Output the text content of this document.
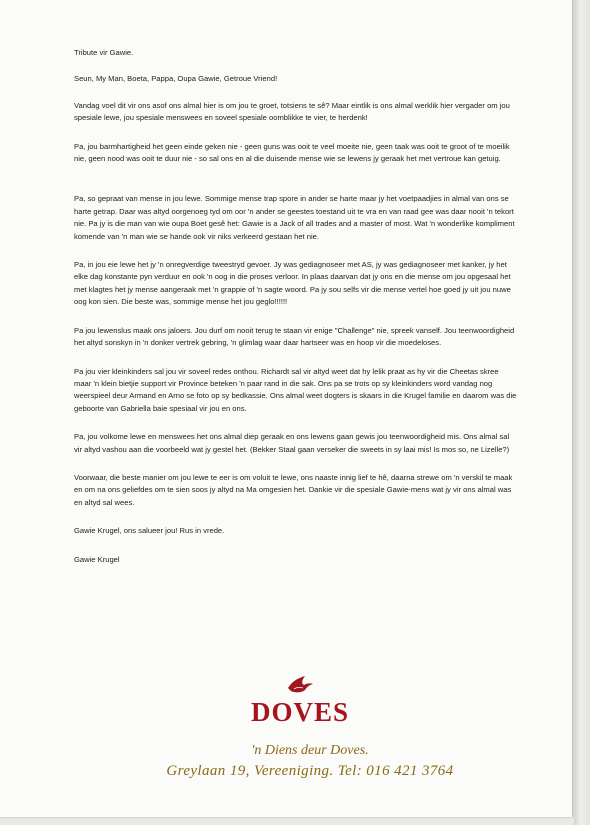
Tribute vir Gawie.

Seun, My Man, Boeta, Pappa, Oupa Gawie, Getroue Vriend!

Vandag voel dit vir ons asof ons almal hier is om jou te groet, totsiens te sê? Maar eintlik is ons almal werklik hier vergader om jou spesiale lewe, jou spesiale menswees en soveel spesiale oomblikke te vier, te herdenk!

Pa, jou barmhartigheid het geen einde geken nie - geen guns was ooit te veel moeite nie, geen taak was ooit te groot of te moeilik nie, geen nood was ooit te duur nie - so sal ons en al die duisende mense wie se lewens jy geraak het met vertroue kan getuig.

Pa, so gepraat van mense in jou lewe. Sommige mense trap spore in ander se harte maar jy het voetpaadjies in almal van ons se harte getrap. Daar was altyd oorgenoeg tyd om oor 'n ander se geestes toestand uit te vra en van raad gee was daar nooit 'n tekort nie. Pa jy is die man van wie oupa Boet gesê het: Gawie is a Jack of all trades and a master of most. Wat 'n wonderlike kompliment komende van 'n man wie se hande ook vir niks verkeerd gestaan het nie.

Pa, in jou eie lewe het jy 'n onregverdige tweestryd gevoer. Jy was gediagnoseer met AS, jy was gediagnoseer met kanker, jy het elke dag konstante pyn verduur en ook 'n oog in die proses verloor. In plaas daarvan dat jy ons en die mense om jou opgesaal het met klagtes het jy mense aangeraak met 'n grappie of 'n sagte woord. Pa jy sou selfs vir die mense vertel hoe goed jy uit jou nuwe oog kon sien. Die beste was, sommige mense het jou geglo!!!!!!

Pa jou lewenslus maak ons jaloers. Jou durf om nooit terug te staan vir enige "Challenge" nie, spreek vanself. Jou teenwoordigheid het altyd sonskyn in 'n donker vertrek gebring, 'n glimlag waar daar hartseer was en hoop vir die moedeloses.

Pa jou vier kleinkinders sal jou vir soveel redes onthou. Richardt sal vir altyd weet dat hy lelik praat as hy vir die Cheetas skree maar 'n klein bietjie support vir Province beteken 'n paar rand in die sak. Ons pa se trots op sy kleinkinders word vandag nog weerspieel deur Armand en Arno se foto op sy bedkassie. Ons almal weet dogters is skaars in die Krugel familie en daarom was die geboorte van Gabriella baie spesiaal vir jou en ons.

Pa, jou volkome lewe en menswees het ons almal diep geraak en ons lewens gaan gewis jou teenwoordigheid mis. Ons almal sal vir altyd vashou aan die voorbeeld wat jy gestel het. (Bekker Staal gaan verseker die sweets in sy laai mis! Is mos so, ne Lizelle?)

Voorwaar, die beste manier om jou lewe te eer is om voluit te lewe, ons naaste innig lief te hê, daarna strewe om 'n verskil te maak en om na ons geliefdes om te sien soos jy altyd na Ma omgesien het. Dankie vir die spesiale Gawie-mens wat jy vir ons almal was en altyd sal wees.

Gawie Krugel, ons salueer jou! Rus in vrede.

Gawie Krugel

DOVES
'n Diens deur Doves.
Greylaan 19, Vereeniging. Tel: 016 421 3764
